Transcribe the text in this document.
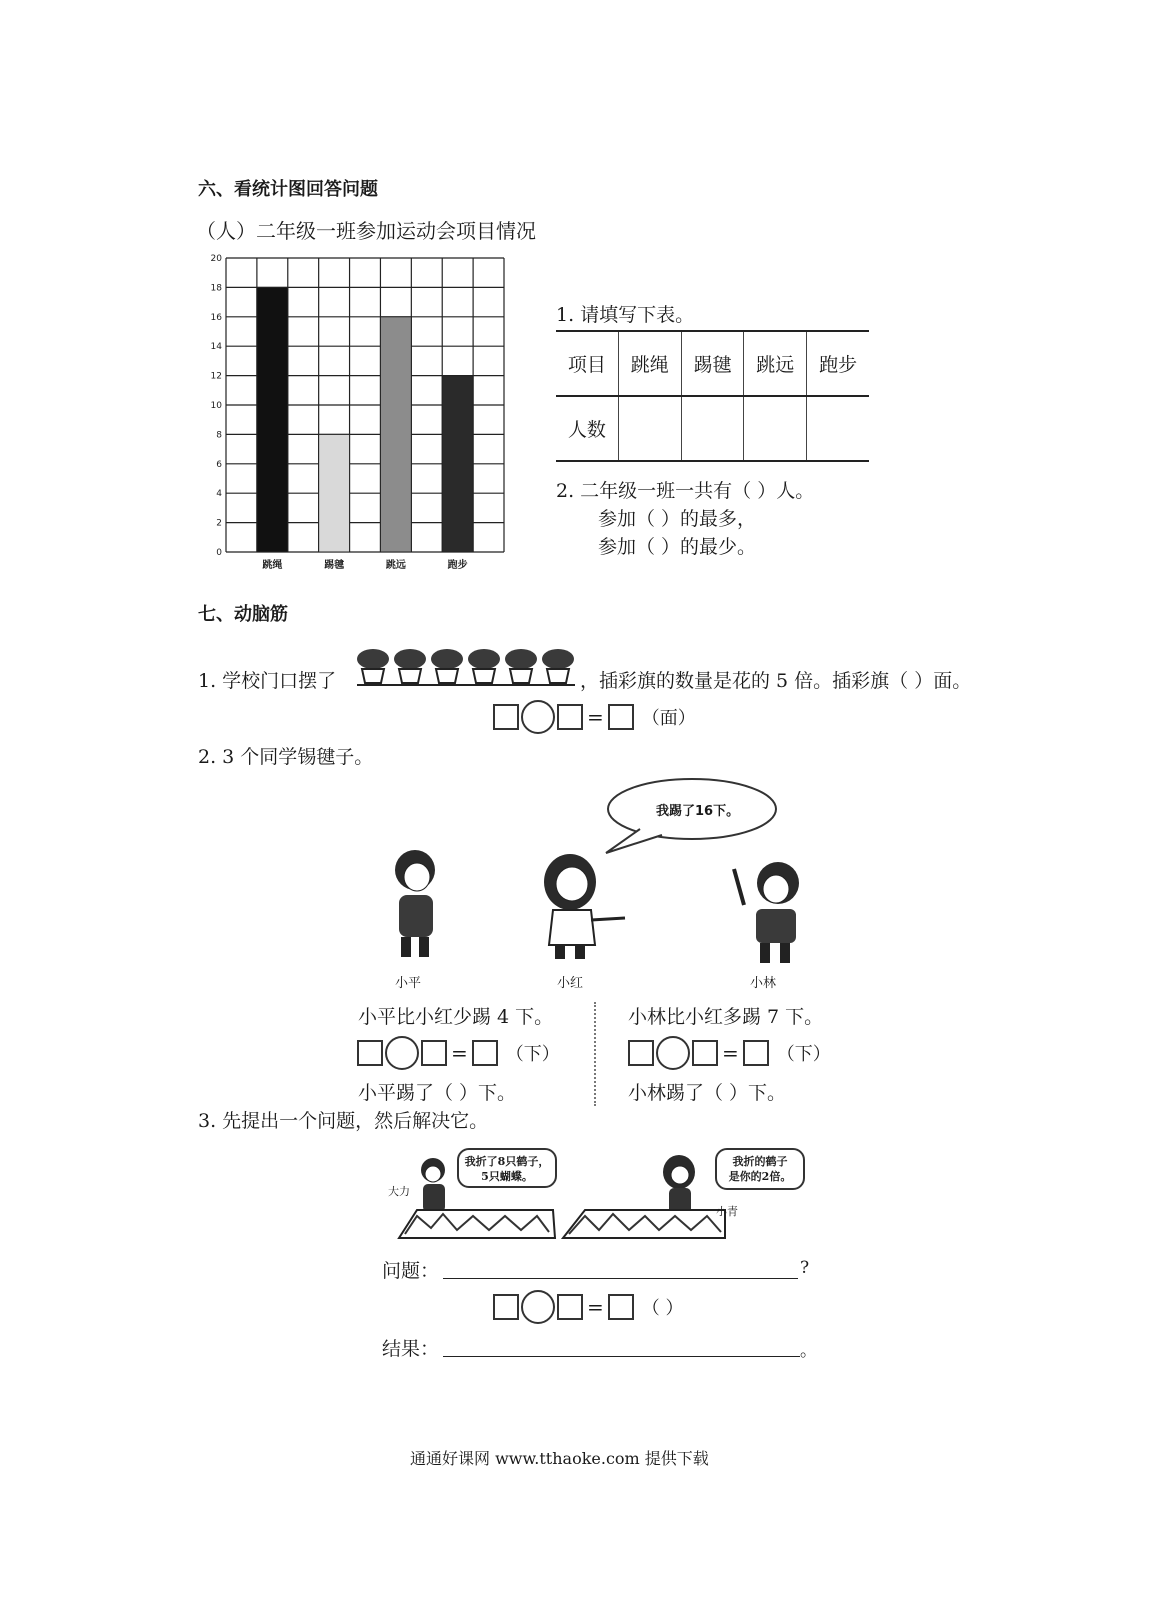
六、看统计图回答问题
（人）二年级一班参加运动会项目情况
0
2
4
6
8
10
12
14
16
18
20
跳绳	踢毽	跳远	跑步
1. 请填写下表。
项目	跳绳	踢毽	跳远	跑步
人数				
2. 二年级一班一共有（ ）人。
参加（ ）的最多，
参加（ ）的最少。
七、动脑筋
1. 学校门口摆了	，插彩旗的数量是花的 5 倍。插彩旗（ ）面。
= （面）
2. 3 个同学锡毽子。
我踢了16下。
小平	小红	小林
小平比小红少踢 4 下。
= （下）
小平踢了（ ）下。
小林比小红多踢 7 下。
= （下）
小林踢了（ ）下。
3. 先提出一个问题，然后解决它。
我折了8只鹤子，
5只蝴蝶。
大力
我折的鹤子
是你的2倍。
小青
问题：	?
= （ ）
结果：	。
通通好课网 www.tthaoke.com 提供下载
